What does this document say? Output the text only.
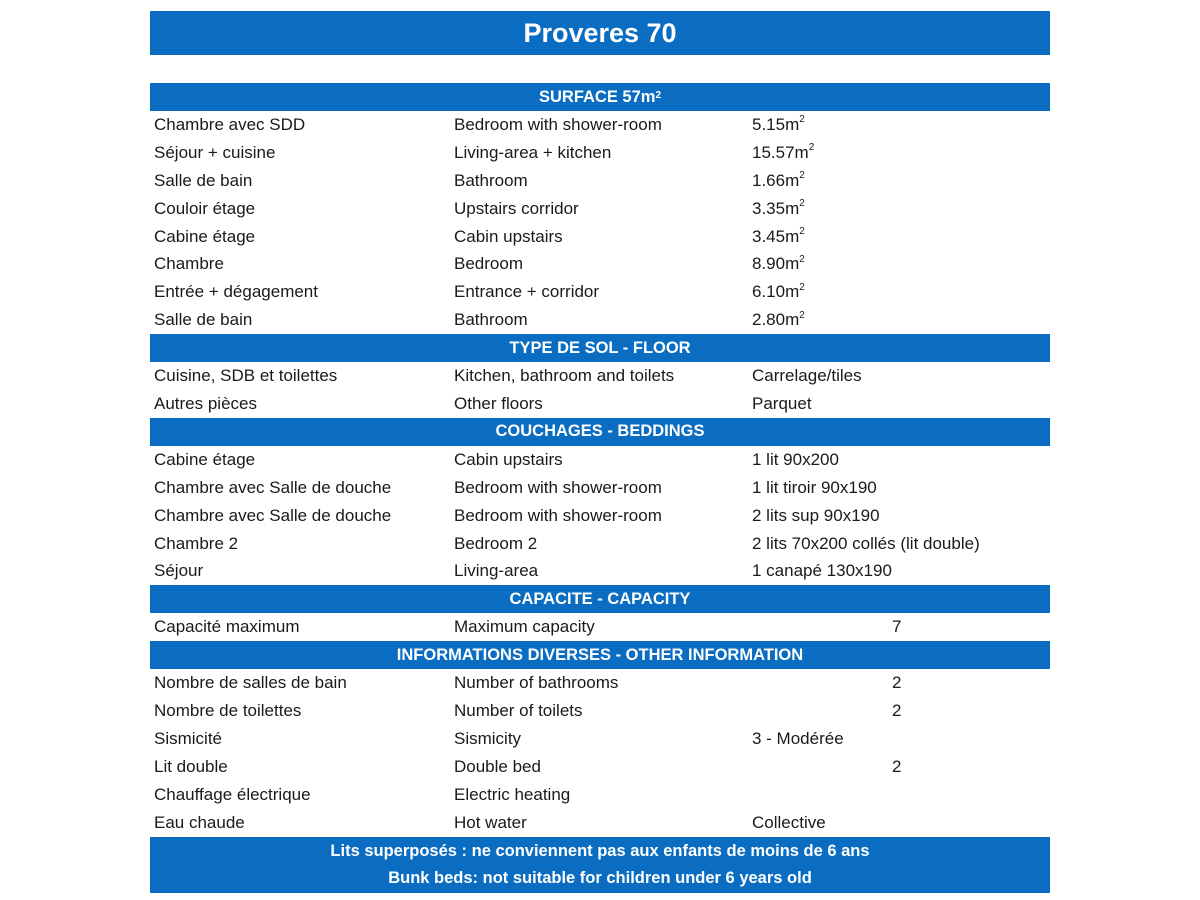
Proveres 70
SURFACE $57m^2$
Chambre avec SDD	Bedroom with shower-room	$5.15m^2$
Séjour + cuisine	Living-area + kitchen	$15.57m^2$
Salle de bain	Bathroom	$1.66m^2$
Couloir étage	Upstairs corridor	$3.35m^2$
Cabine étage	Cabin upstairs	$3.45m^2$
Chambre	Bedroom	$8.90m^2$
Entrée + dégagement	Entrance + corridor	$6.10m^2$
Salle de bain	Bathroom	$2.80m^2$
TYPE DE SOL - FLOOR
Cuisine, SDB et toilettes	Kitchen, bathroom and toilets	Carrelage/tiles
Autres pièces	Other floors	Parquet
COUCHAGES - BEDDINGS
Cabine étage	Cabin upstairs	1 lit 90x200
Chambre avec Salle de douche	Bedroom with shower-room	1 lit tiroir 90x190
Chambre avec Salle de douche	Bedroom with shower-room	2 lits sup 90x190
Chambre 2	Bedroom 2	2 lits 70x200 collés (lit double)
Séjour	Living-area	1 canapé 130x190
CAPACITE - CAPACITY
Capacité maximum	Maximum capacity	7
INFORMATIONS DIVERSES - OTHER INFORMATION
Nombre de salles de bain	Number of bathrooms	2
Nombre de toilettes	Number of toilets	2
Sismicité	Sismicity	3 - Modérée
Lit double	Double bed	2
Chauffage électrique	Electric heating
Eau chaude	Hot water	Collective
Lits superposés : ne conviennent pas aux enfants de moins de 6 ans
Bunk beds: not suitable for children under 6 years old
